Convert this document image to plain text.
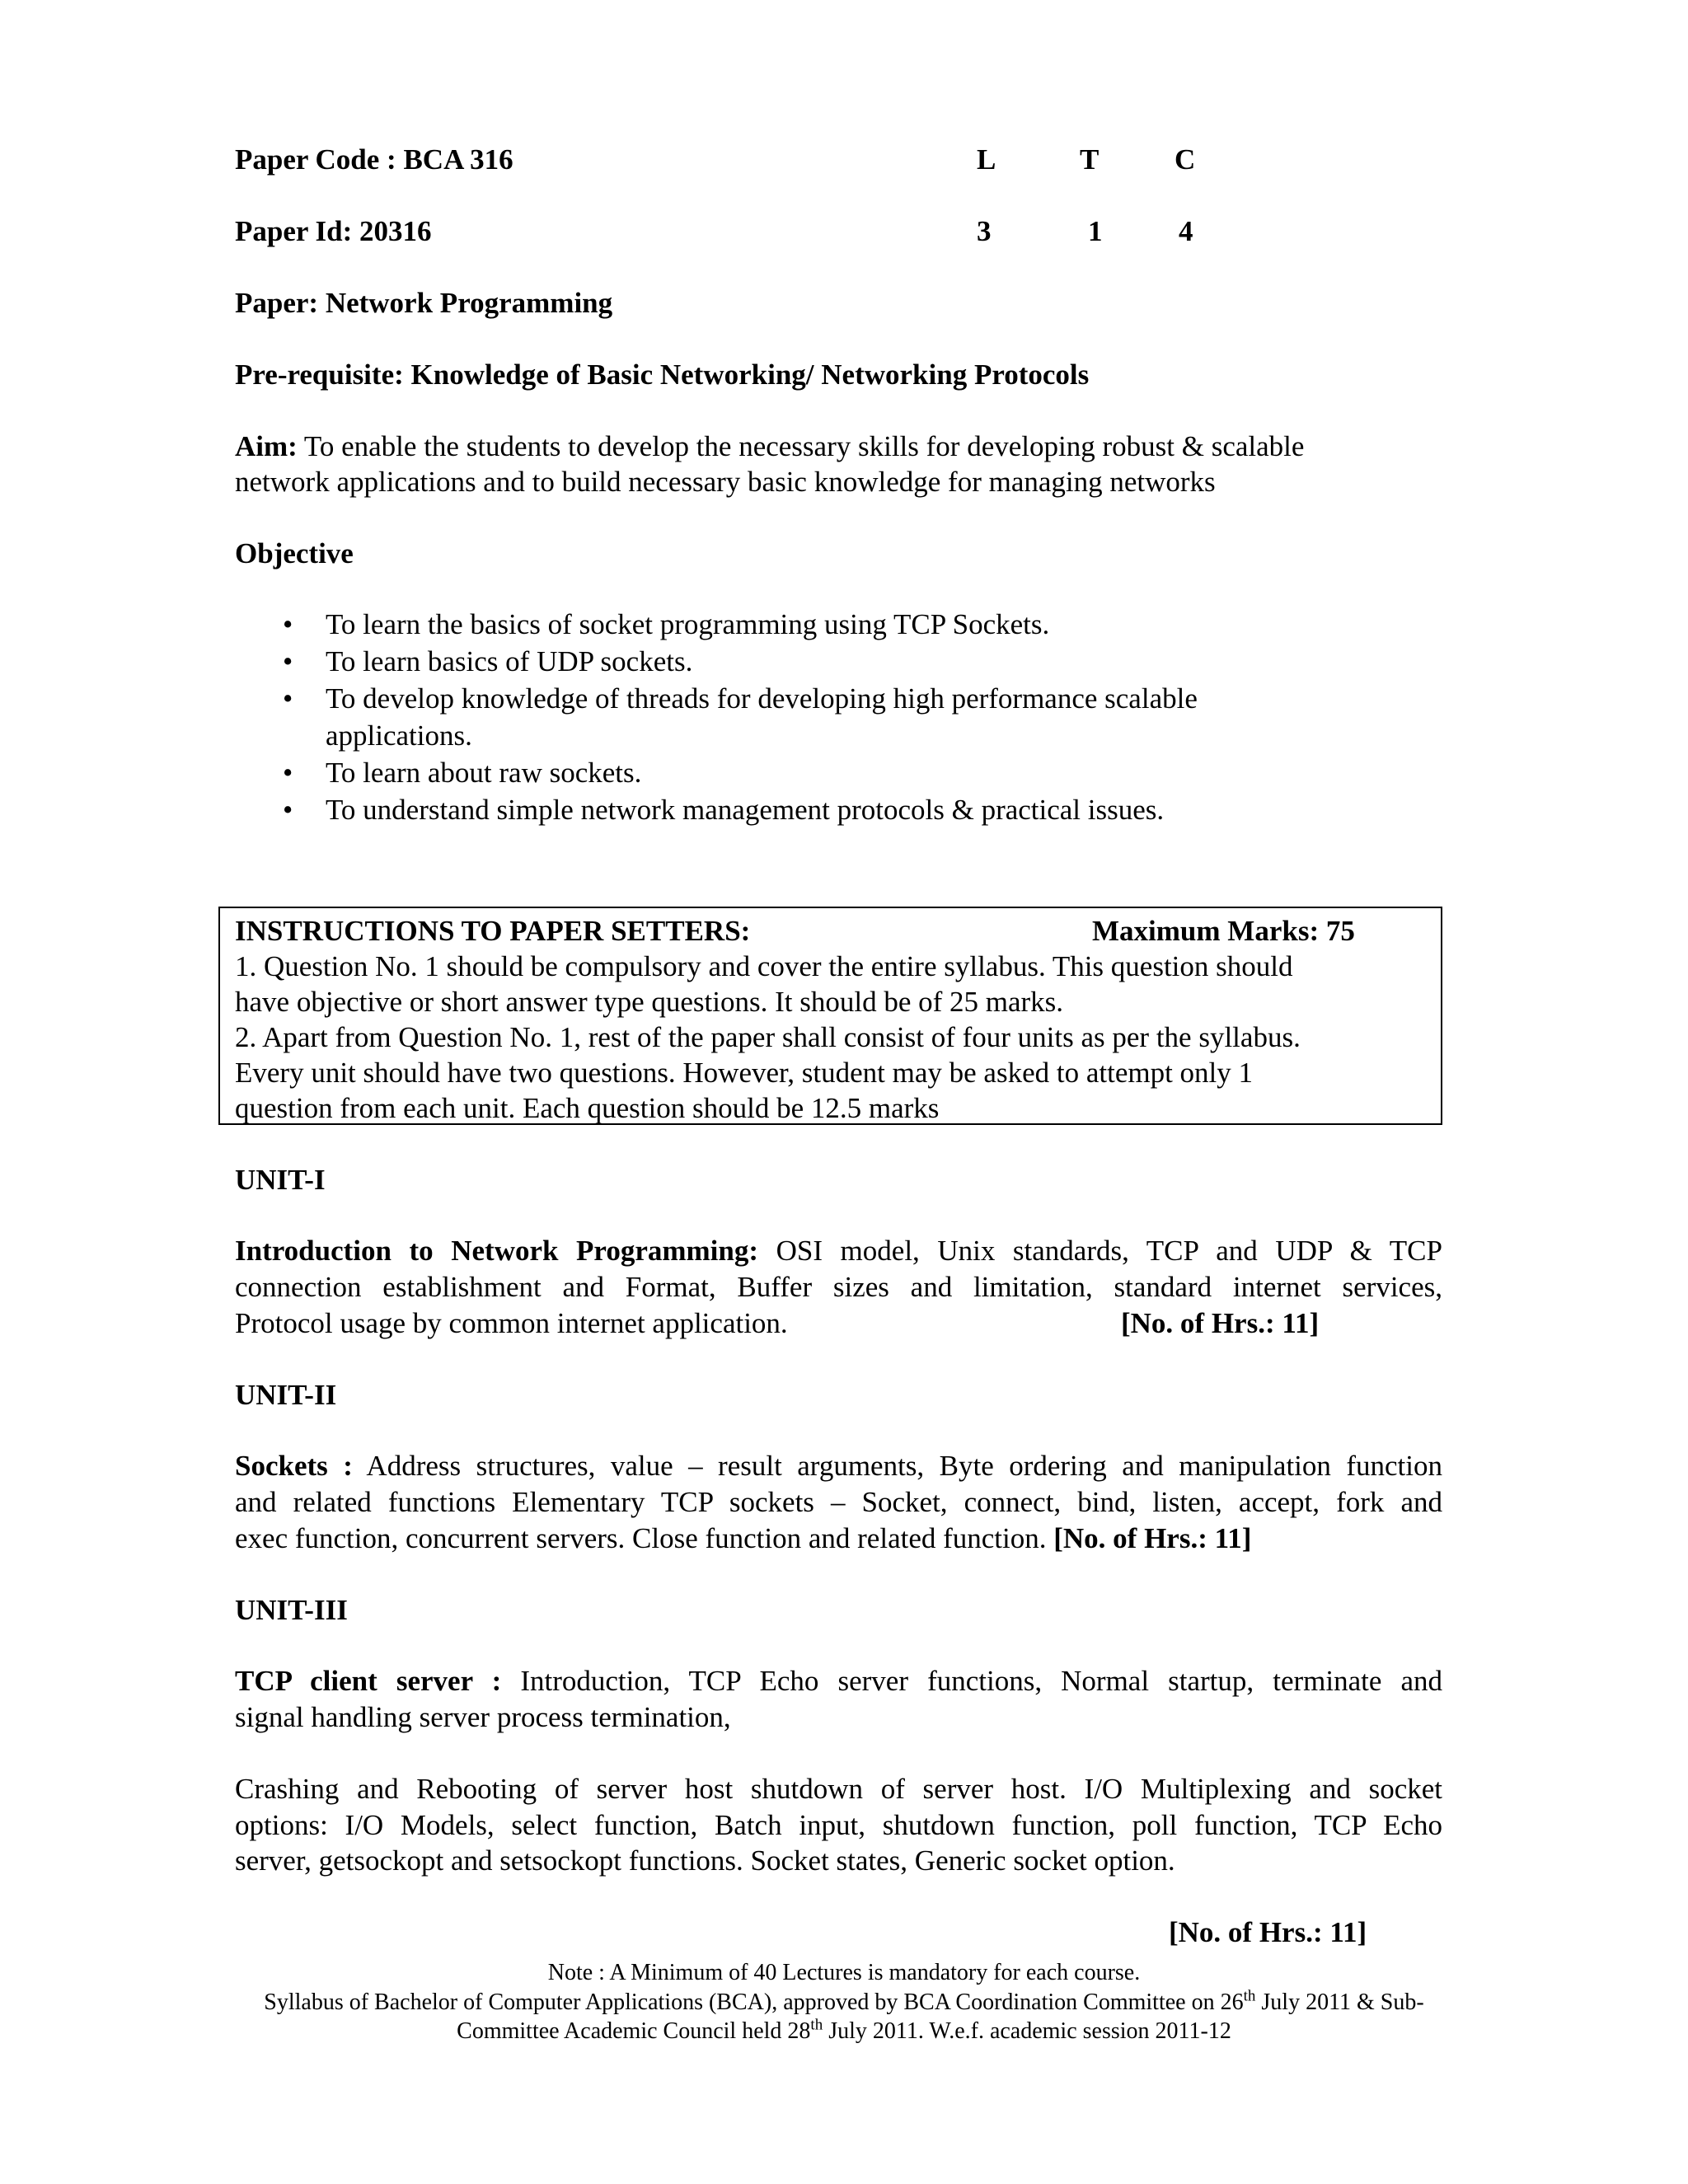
Paper Code : BCA 316	L	T	C
Paper Id: 20316	3	1	4
Paper: Network Programming
Pre-requisite: Knowledge of Basic Networking/ Networking Protocols
Aim: To enable the students to develop the necessary skills for developing robust & scalable
network applications and to build necessary basic knowledge for managing networks
Objective
• To learn the basics of socket programming using TCP Sockets.
• To learn basics of UDP sockets.
• To develop knowledge of threads for developing high performance scalable applications.
• To learn about raw sockets.
• To understand simple network management protocols & practical issues.
INSTRUCTIONS TO PAPER SETTERS:	Maximum Marks: 75
1. Question No. 1 should be compulsory and cover the entire syllabus. This question should
have objective or short answer type questions. It should be of 25 marks.
2. Apart from Question No. 1, rest of the paper shall consist of four units as per the syllabus.
Every unit should have two questions. However, student may be asked to attempt only 1
question from each unit. Each question should be 12.5 marks
UNIT-I
Introduction to Network Programming: OSI model, Unix standards, TCP and UDP & TCP
connection establishment and Format, Buffer sizes and limitation, standard internet services,
Protocol usage by common internet application.	[No. of Hrs.: 11]
UNIT-II
Sockets : Address structures, value – result arguments, Byte ordering and manipulation function
and related functions Elementary TCP sockets – Socket, connect, bind, listen, accept, fork and
exec function, concurrent servers. Close function and related function. [No. of Hrs.: 11]
UNIT-III
TCP client server : Introduction, TCP Echo server functions, Normal startup, terminate and
signal handling server process termination,
Crashing and Rebooting of server host shutdown of server host. I/O Multiplexing and socket
options: I/O Models, select function, Batch input, shutdown function, poll function, TCP Echo
server, getsockopt and setsockopt functions. Socket states, Generic socket option.
[No. of Hrs.: 11]
Note : A Minimum of 40 Lectures is mandatory for each course.
Syllabus of Bachelor of Computer Applications (BCA), approved by BCA Coordination Committee on 26th July 2011 & Sub-
Committee Academic Council held 28th July 2011. W.e.f. academic session 2011-12
